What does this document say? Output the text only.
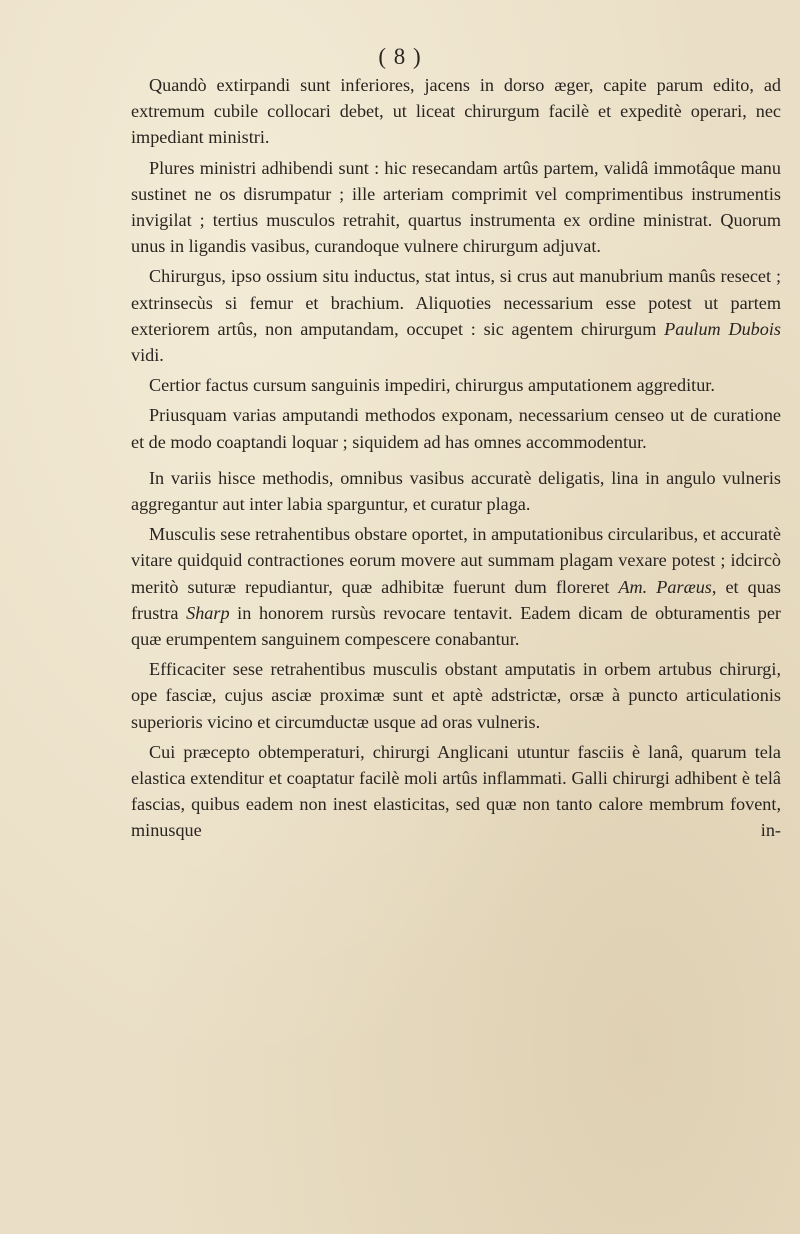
( 8 )

Quandò extirpandi sunt inferiores, jacens in dorso æger, capite parum edito, ad extremum cubile collocari debet, ut liceat chirurgum facilè et expeditè operari, nec impediant ministri.

Plures ministri adhibendi sunt : hic resecandam artûs partem, validâ immotâque manu sustinet ne os disrumpatur ; ille arteriam comprimit vel comprimentibus instrumentis invigilat ; tertius musculos retrahit, quartus instrumenta ex ordine ministrat. Quorum unus in ligandis vasibus, curandoque vulnere chirurgum adjuvat.

Chirurgus, ipso ossium situ inductus, stat intus, si crus aut manubrium manûs resecet ; extrinsecùs si femur et brachium. Aliquoties necessarium esse potest ut partem exteriorem artûs, non amputandam, occupet : sic agentem chirurgum Paulum Dubois vidi.

Certior factus cursum sanguinis impediri, chirurgus amputationem aggreditur.

Priusquam varias amputandi methodos exponam, necessarium censeo ut de curatione et de modo coaptandi loquar ; siquidem ad has omnes accommodentur.

In variis hisce methodis, omnibus vasibus accuratè deligatis, lina in angulo vulneris aggregantur aut inter labia sparguntur, et curatur plaga.

Musculis sese retrahentibus obstare oportet, in amputationibus circularibus, et accuratè vitare quidquid contractiones eorum movere aut summam plagam vexare potest ; idcircò meritò suturæ repudiantur, quæ adhibitæ fuerunt dum floreret Am. Paræus, et quas frustra Sharp in honorem rursùs revocare tentavit. Eadem dicam de obturamentis per quæ erumpentem sanguinem compescere conabantur.

Efficaciter sese retrahentibus musculis obstant amputatis in orbem artubus chirurgi, ope fasciæ, cujus asciæ proximæ sunt et aptè adstrictæ, orsæ à puncto articulationis superioris vicino et circumductæ usque ad oras vulneris.

Cui præcepto obtemperaturi, chirurgi Anglicani utuntur fasciis è lanâ, quarum tela elastica extenditur et coaptatur facilè moli artûs inflammati. Galli chirurgi adhibent è telâ fascias, quibus eadem non inest elasticitas, sed quæ non tanto calore membrum fovent, minusque in-
